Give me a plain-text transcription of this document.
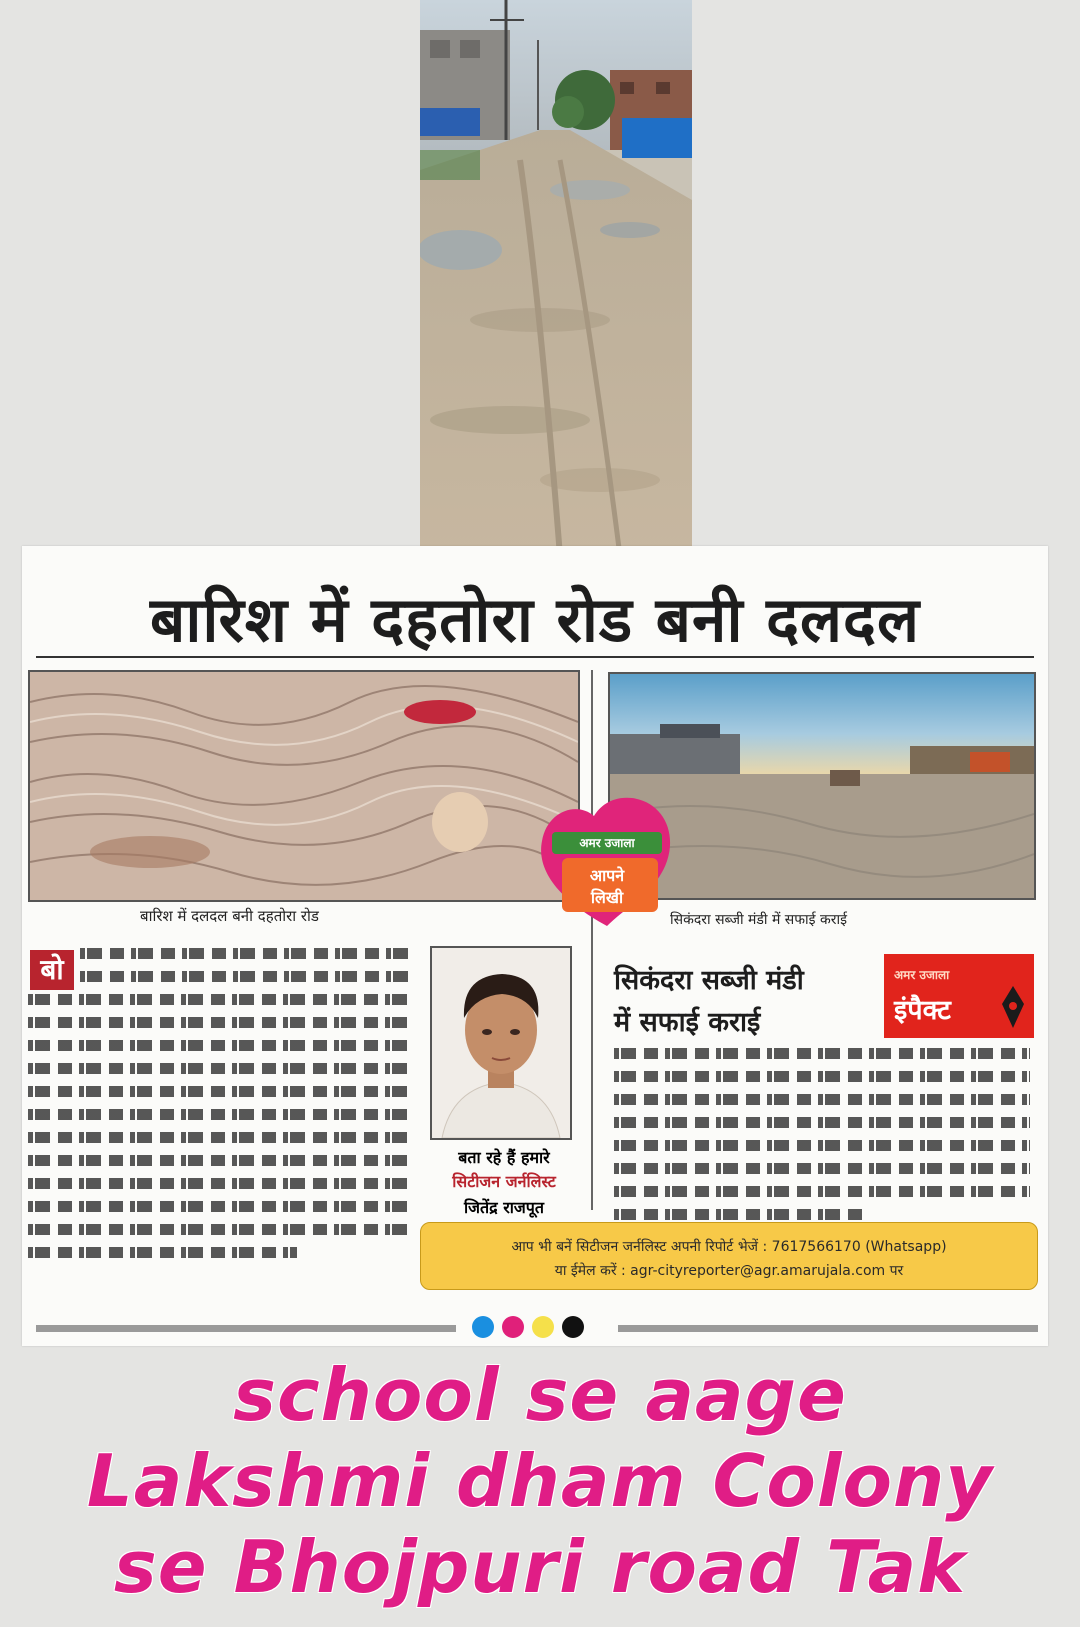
बारिश में दहतोरा रोड बनी दलदल
बारिश में दलदल बनी दहतोरा रोड	सिकंदरा सब्जी मंडी में सफाई कराई
अमर उजाला
आपने
लिखी
बो
बता रहे हैं हमारे
सिटीजन जर्नलिस्ट
जितेंद्र राजपूत
सिकंदरा सब्जी मंडी
में सफाई कराई
अमर उजाला
इंपैक्ट
आप भी बनें सिटीजन जर्नलिस्ट अपनी रिपोर्ट भेजें : 7617566170 (Whatsapp)
या ईमेल करें : agr-cityreporter@agr.amarujala.com पर
school se aage
Lakshmi dham Colony
se Bhojpuri road Tak
